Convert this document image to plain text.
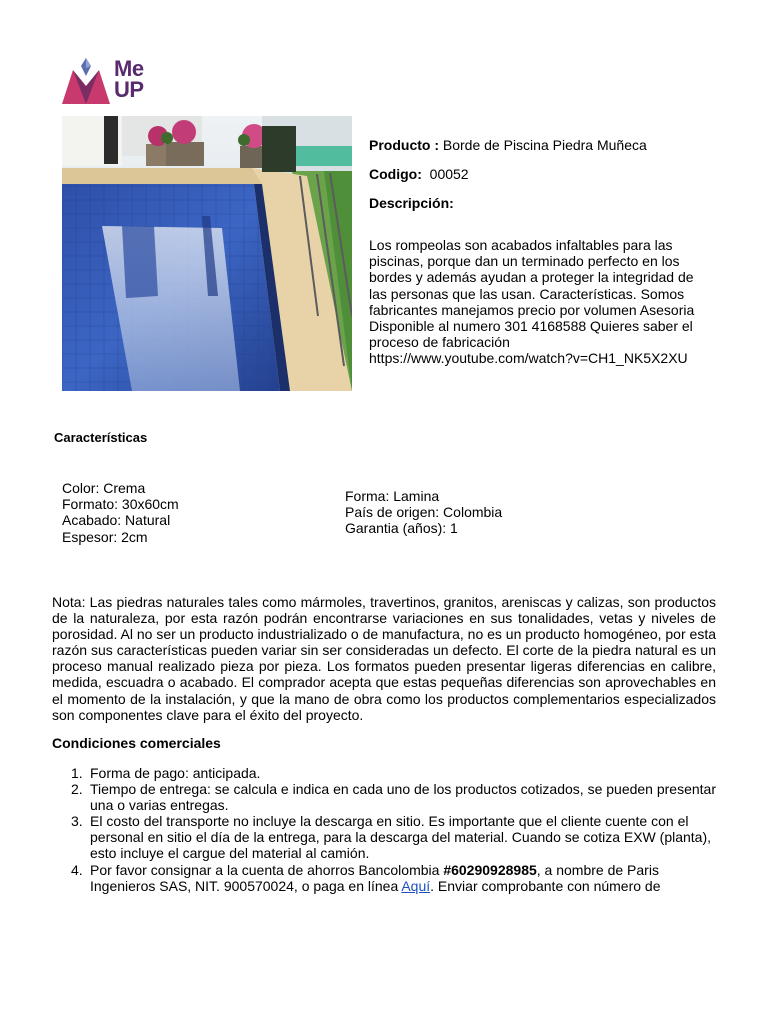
Me
UP
Producto : Borde de Piscina Piedra Muñeca
Codigo: 00052
Descripción:
Los rompeolas son acabados infaltables para las piscinas, porque dan un terminado perfecto en los bordes y además ayudan a proteger la integridad de las personas que las usan. Características. Somos fabricantes manejamos precio por volumen Asesoria Disponible al numero 301 4168588 Quieres saber el proceso de fabricación https://www.youtube.com/watch?v=CH1_NK5X2XU
Características
Color: Crema
Formato: 30x60cm
Acabado: Natural
Espesor: 2cm
Forma: Lamina
País de origen: Colombia
Garantia (años): 1
Nota: Las piedras naturales tales como mármoles, travertinos, granitos, areniscas y calizas, son productos de la naturaleza, por esta razón podrán encontrarse variaciones en sus tonalidades, vetas y niveles de porosidad. Al no ser un producto industrializado o de manufactura, no es un producto homogéneo, por esta razón sus características pueden variar sin ser consideradas un defecto. El corte de la piedra natural es un proceso manual realizado pieza por pieza. Los formatos pueden presentar ligeras diferencias en calibre, medida, escuadra o acabado. El comprador acepta que estas pequeñas diferencias son aprovechables en el momento de la instalación, y que la mano de obra como los productos complementarios especializados son componentes clave para el éxito del proyecto.
Condiciones comerciales
1. Forma de pago: anticipada.
2. Tiempo de entrega: se calcula e indica en cada uno de los productos cotizados, se pueden presentar una o varias entregas.
3. El costo del transporte no incluye la descarga en sitio. Es importante que el cliente cuente con el personal en sitio el día de la entrega, para la descarga del material. Cuando se cotiza EXW (planta), esto incluye el cargue del material al camión.
4. Por favor consignar a la cuenta de ahorros Bancolombia #60290928985, a nombre de Paris Ingenieros SAS, NIT. 900570024, o paga en línea Aquí. Enviar comprobante con número de
